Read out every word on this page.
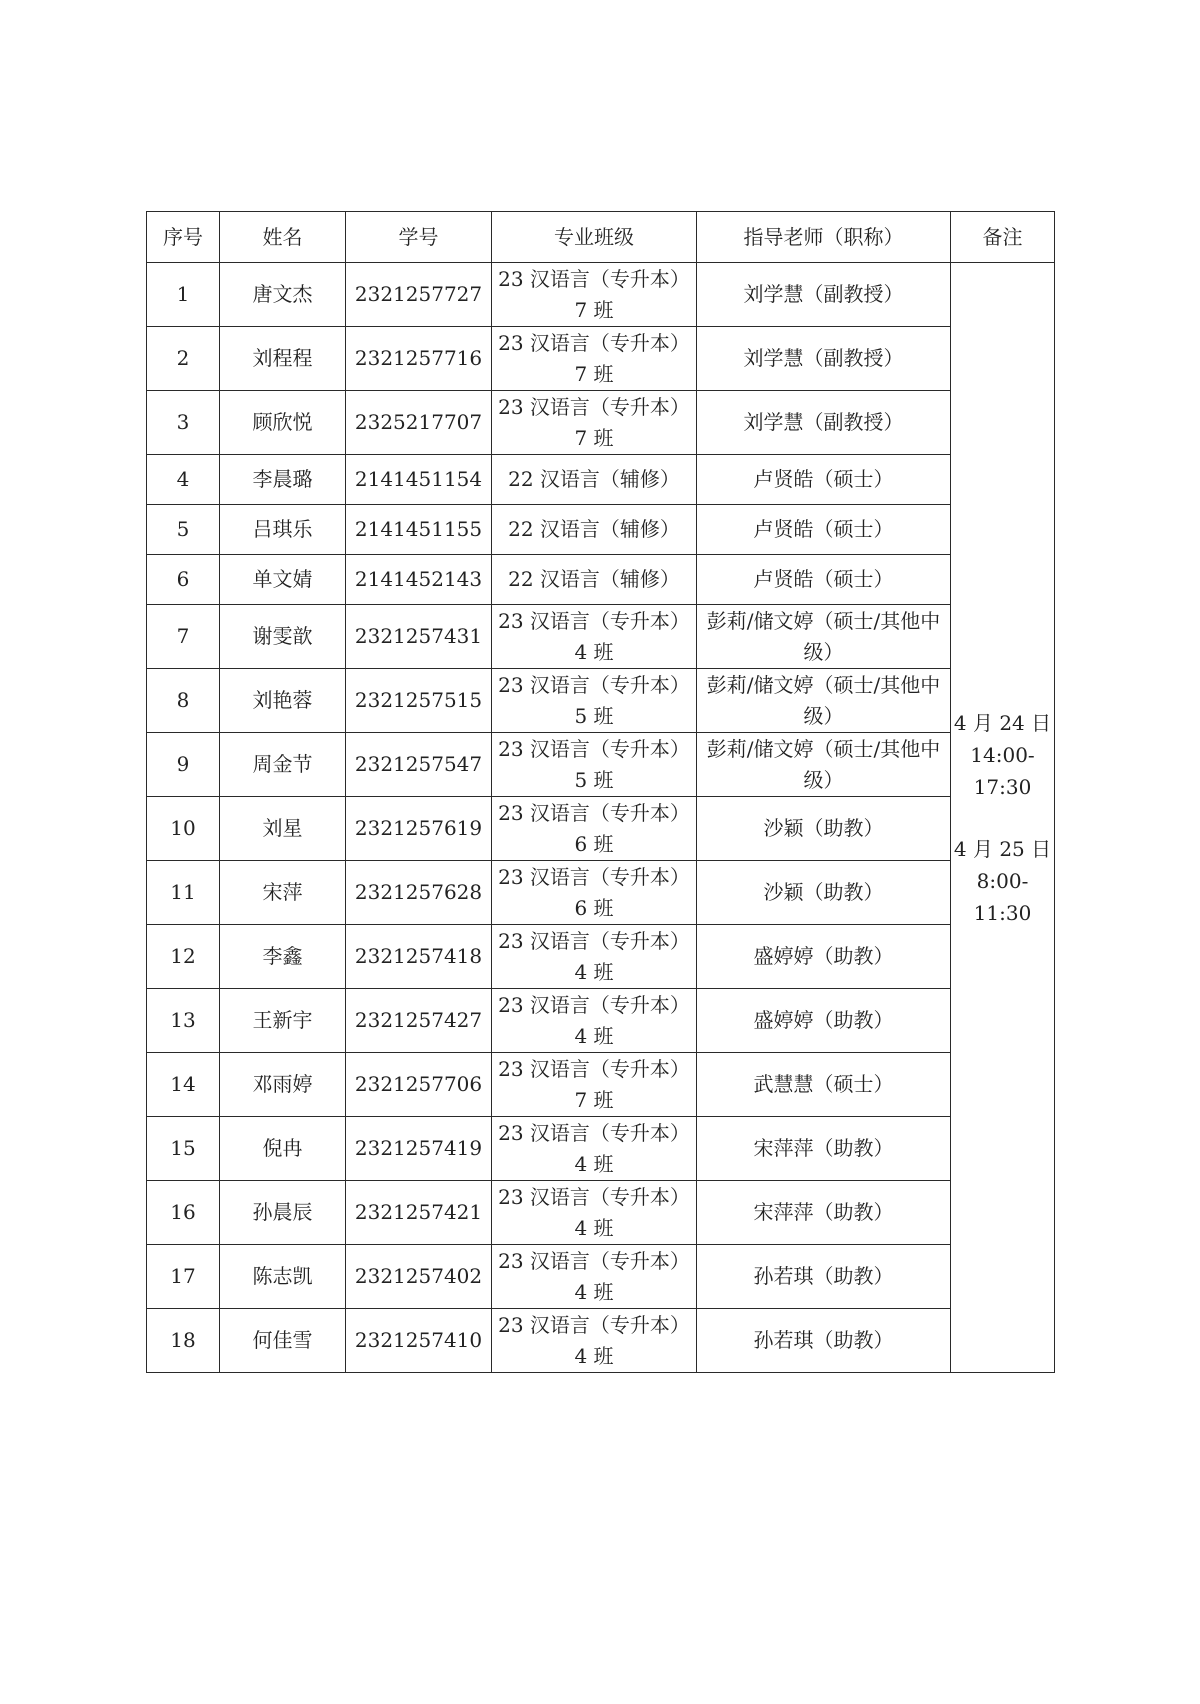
序号	姓名	学号	专业班级	指导老师（职称）	备注
1	唐文杰	2321257727	23 汉语言（专升本）7 班	刘学慧（副教授）	4 月 24 日
14:00-17:30
4 月 25 日
8:00-11:30

2	刘程程	2321257716	23 汉语言（专升本）7 班	刘学慧（副教授）	
3	顾欣悦	2325217707	23 汉语言（专升本）7 班	刘学慧（副教授）	
4	李晨璐	2141451154	22 汉语言（辅修）	卢贤皓（硕士）	
5	吕琪乐	2141451155	22 汉语言（辅修）	卢贤皓（硕士）	
6	单文婧	2141452143	22 汉语言（辅修）	卢贤皓（硕士）	
7	谢雯歆	2321257431	23 汉语言（专升本）4 班	彭莉/储文婷（硕士/其他中级）	
8	刘艳蓉	2321257515	23 汉语言（专升本）5 班	彭莉/储文婷（硕士/其他中级）	
9	周金节	2321257547	23 汉语言（专升本）5 班	彭莉/储文婷（硕士/其他中级）	
10	刘星	2321257619	23 汉语言（专升本）6 班	沙颖（助教）	
11	宋萍	2321257628	23 汉语言（专升本）6 班	沙颖（助教）	
12	李鑫	2321257418	23 汉语言（专升本）4 班	盛婷婷（助教）	
13	王新宇	2321257427	23 汉语言（专升本）4 班	盛婷婷（助教）	
14	邓雨婷	2321257706	23 汉语言（专升本）7 班	武慧慧（硕士）	
15	倪冉	2321257419	23 汉语言（专升本）4 班	宋萍萍（助教）	
16	孙晨辰	2321257421	23 汉语言（专升本）4 班	宋萍萍（助教）	
17	陈志凯	2321257402	23 汉语言（专升本）4 班	孙若琪（助教）	
18	何佳雪	2321257410	23 汉语言（专升本）4 班	孙若琪（助教）	
